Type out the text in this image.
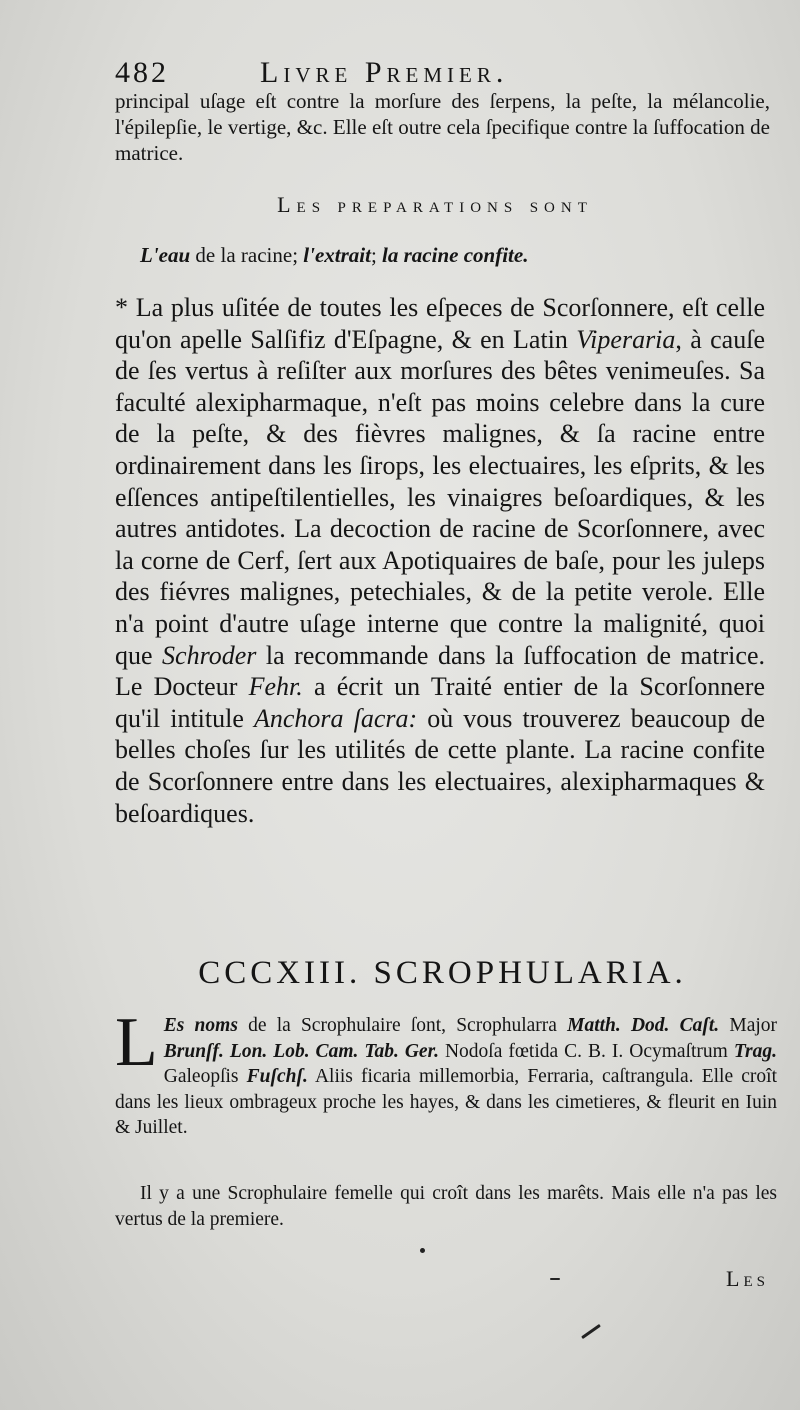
482	Livre Premier.
principal uſage eſt contre la morſure des ſerpens, la peſte, la mélancolie, l'épilepſie, le vertige, &c. Elle eſt outre cela ſpecifique contre la ſuffocation de matrice.
Les preparations sont
L'eau de la racine; l'extrait; la racine confite.
* La plus uſitée de toutes les eſpeces de Scorſonnere, eſt celle qu'on apelle Salſifiz d'Eſpagne, & en Latin Viperaria, à cauſe de ſes vertus à reſiſter aux morſures des bêtes venimeuſes. Sa faculté alexipharmaque, n'eſt pas moins celebre dans la cure de la peſte, & des fièvres malignes, & ſa racine entre ordinairement dans les ſirops, les electuaires, les eſprits, & les eſſences antipeſtilentielles, les vinaigres beſoardiques, & les autres antidotes. La decoction de racine de Scorſonnere, avec la corne de Cerf, ſert aux Apotiquaires de baſe, pour les juleps des fiévres malignes, petechiales, & de la petite verole. Elle n'a point d'autre uſage interne que contre la malignité, quoi que Schroder la recommande dans la ſuffocation de matrice. Le Docteur Fehr. a écrit un Traité entier de la Scorſonnere qu'il intitule Anchora ſacra: où vous trouverez beaucoup de belles choſes ſur les utilités de cette plante. La racine confite de Scorſonnere entre dans les electuaires, alexipharmaques & beſoardiques.
CCCXIII. SCROPHULARIA.
L Es noms de la Scrophulaire ſont, Scrophularra Matth. Dod. Caſt. Major Brunſf. Lon. Lob. Cam. Tab. Ger. Nodoſa fœtida C. B. I. Ocymaſtrum Trag. Galeopſis Fuſchſ. Aliis ficaria millemorbia, Ferraria, caſtrangula. Elle croît dans les lieux ombrageux proche les hayes, & dans les cimetieres, & fleurit en Iuin & Juillet.
Il y a une Scrophulaire femelle qui croît dans les marêts. Mais elle n'a pas les vertus de la premiere.
Les
